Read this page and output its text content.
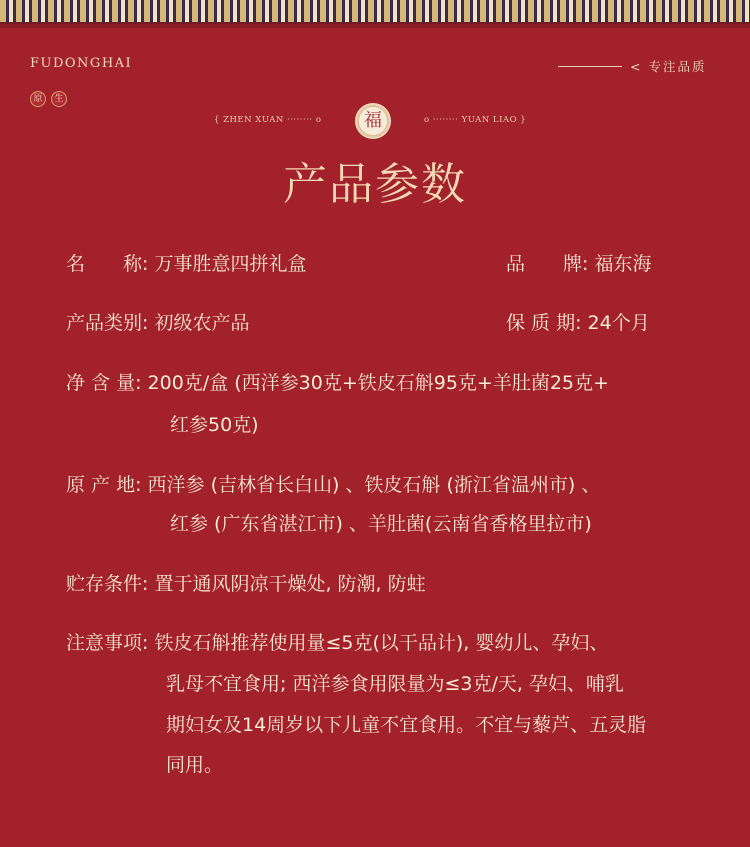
FUDONGHAI
原	生
< 专注品质
{ ZHEN XUAN ········ o	福	o ········ YUAN LIAO }
产品参数
名　　称: 万事胜意四拼礼盒	品　　牌: 福东海
产品类别: 初级农产品	保 质 期: 24个月
净 含 量: 200克/盒 (西洋参30克+铁皮石斛95克+羊肚菌25克+
红参50克)
原 产 地: 西洋参 (吉林省长白山) 、铁皮石斛 (浙江省温州市) 、
红参 (广东省湛江市) 、羊肚菌(云南省香格里拉市)
贮存条件: 置于通风阴凉干燥处, 防潮, 防蛀
注意事项: 铁皮石斛推荐使用量≤5克(以干品计), 婴幼儿、孕妇、
乳母不宜食用; 西洋参食用限量为≤3克/天, 孕妇、哺乳
期妇女及14周岁以下儿童不宜食用。不宜与藜芦、五灵脂
同用。
